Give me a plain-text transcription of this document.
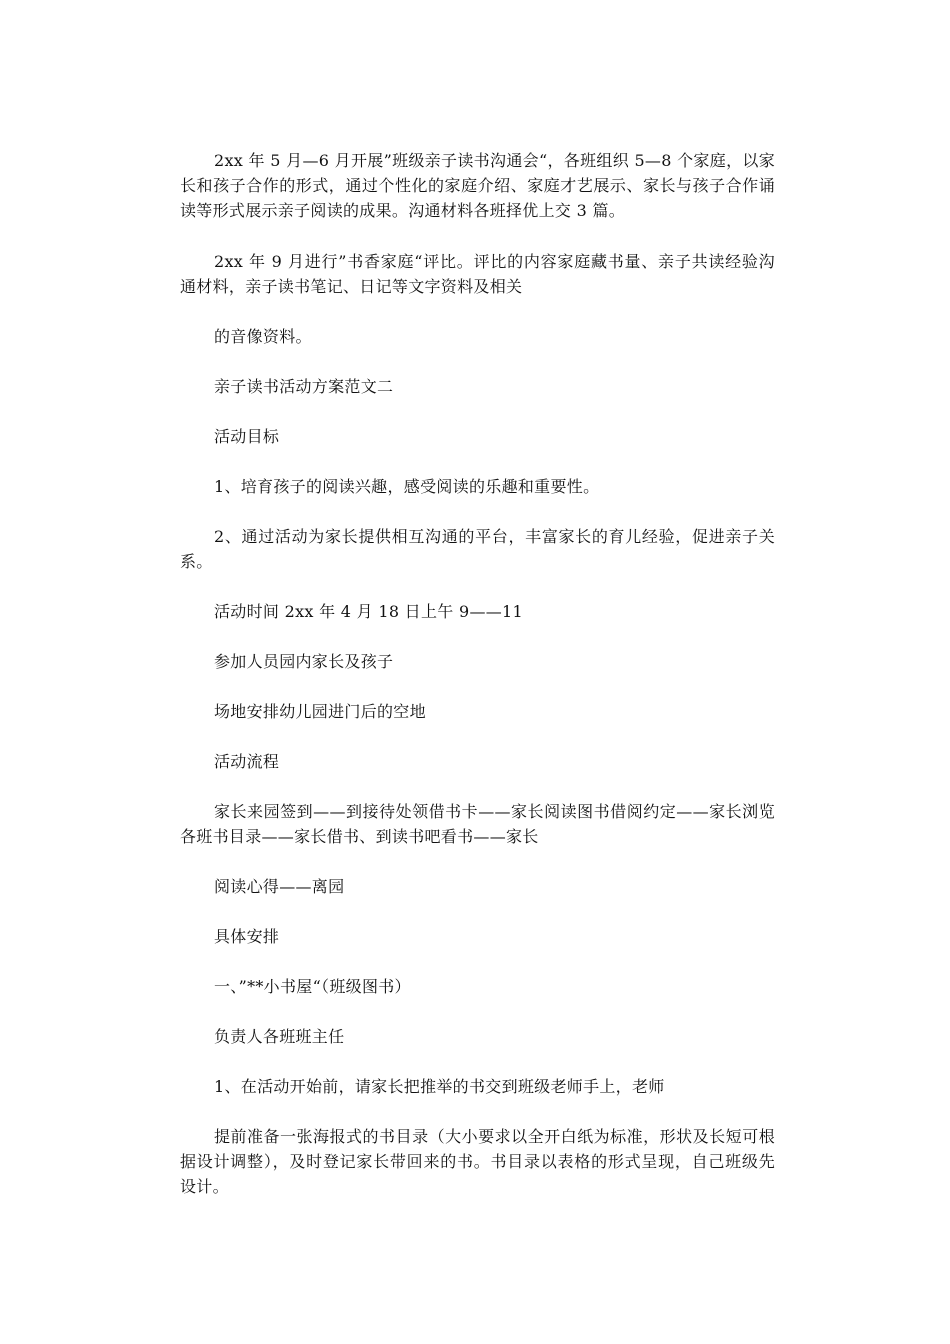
2xx 年 5 月—6 月开展”班级亲子读书沟通会“，各班组织 5—8 个家庭，以家长和孩子合作的形式，通过个性化的家庭介绍、家庭才艺展示、家长与孩子合作诵读等形式展示亲子阅读的成果。沟通材料各班择优上交 3 篇。

2xx 年 9 月进行”书香家庭“评比。评比的内容家庭藏书量、亲子共读经验沟通材料，亲子读书笔记、日记等文字资料及相关

的音像资料。

亲子读书活动方案范文二

活动目标

1、培育孩子的阅读兴趣，感受阅读的乐趣和重要性。

2、通过活动为家长提供相互沟通的平台，丰富家长的育儿经验，促进亲子关系。

活动时间 2xx 年 4 月 18 日上午 9——11

参加人员园内家长及孩子

场地安排幼儿园进门后的空地

活动流程

家长来园签到——到接待处领借书卡——家长阅读图书借阅约定——家长浏览各班书目录——家长借书、到读书吧看书——家长

阅读心得——离园

具体安排

一、”**小书屋“（班级图书）

负责人各班班主任

1、在活动开始前，请家长把推举的书交到班级老师手上，老师

提前准备一张海报式的书目录（大小要求以全开白纸为标准，形状及长短可根据设计调整），及时登记家长带回来的书。书目录以表格的形式呈现，自己班级先设计。
